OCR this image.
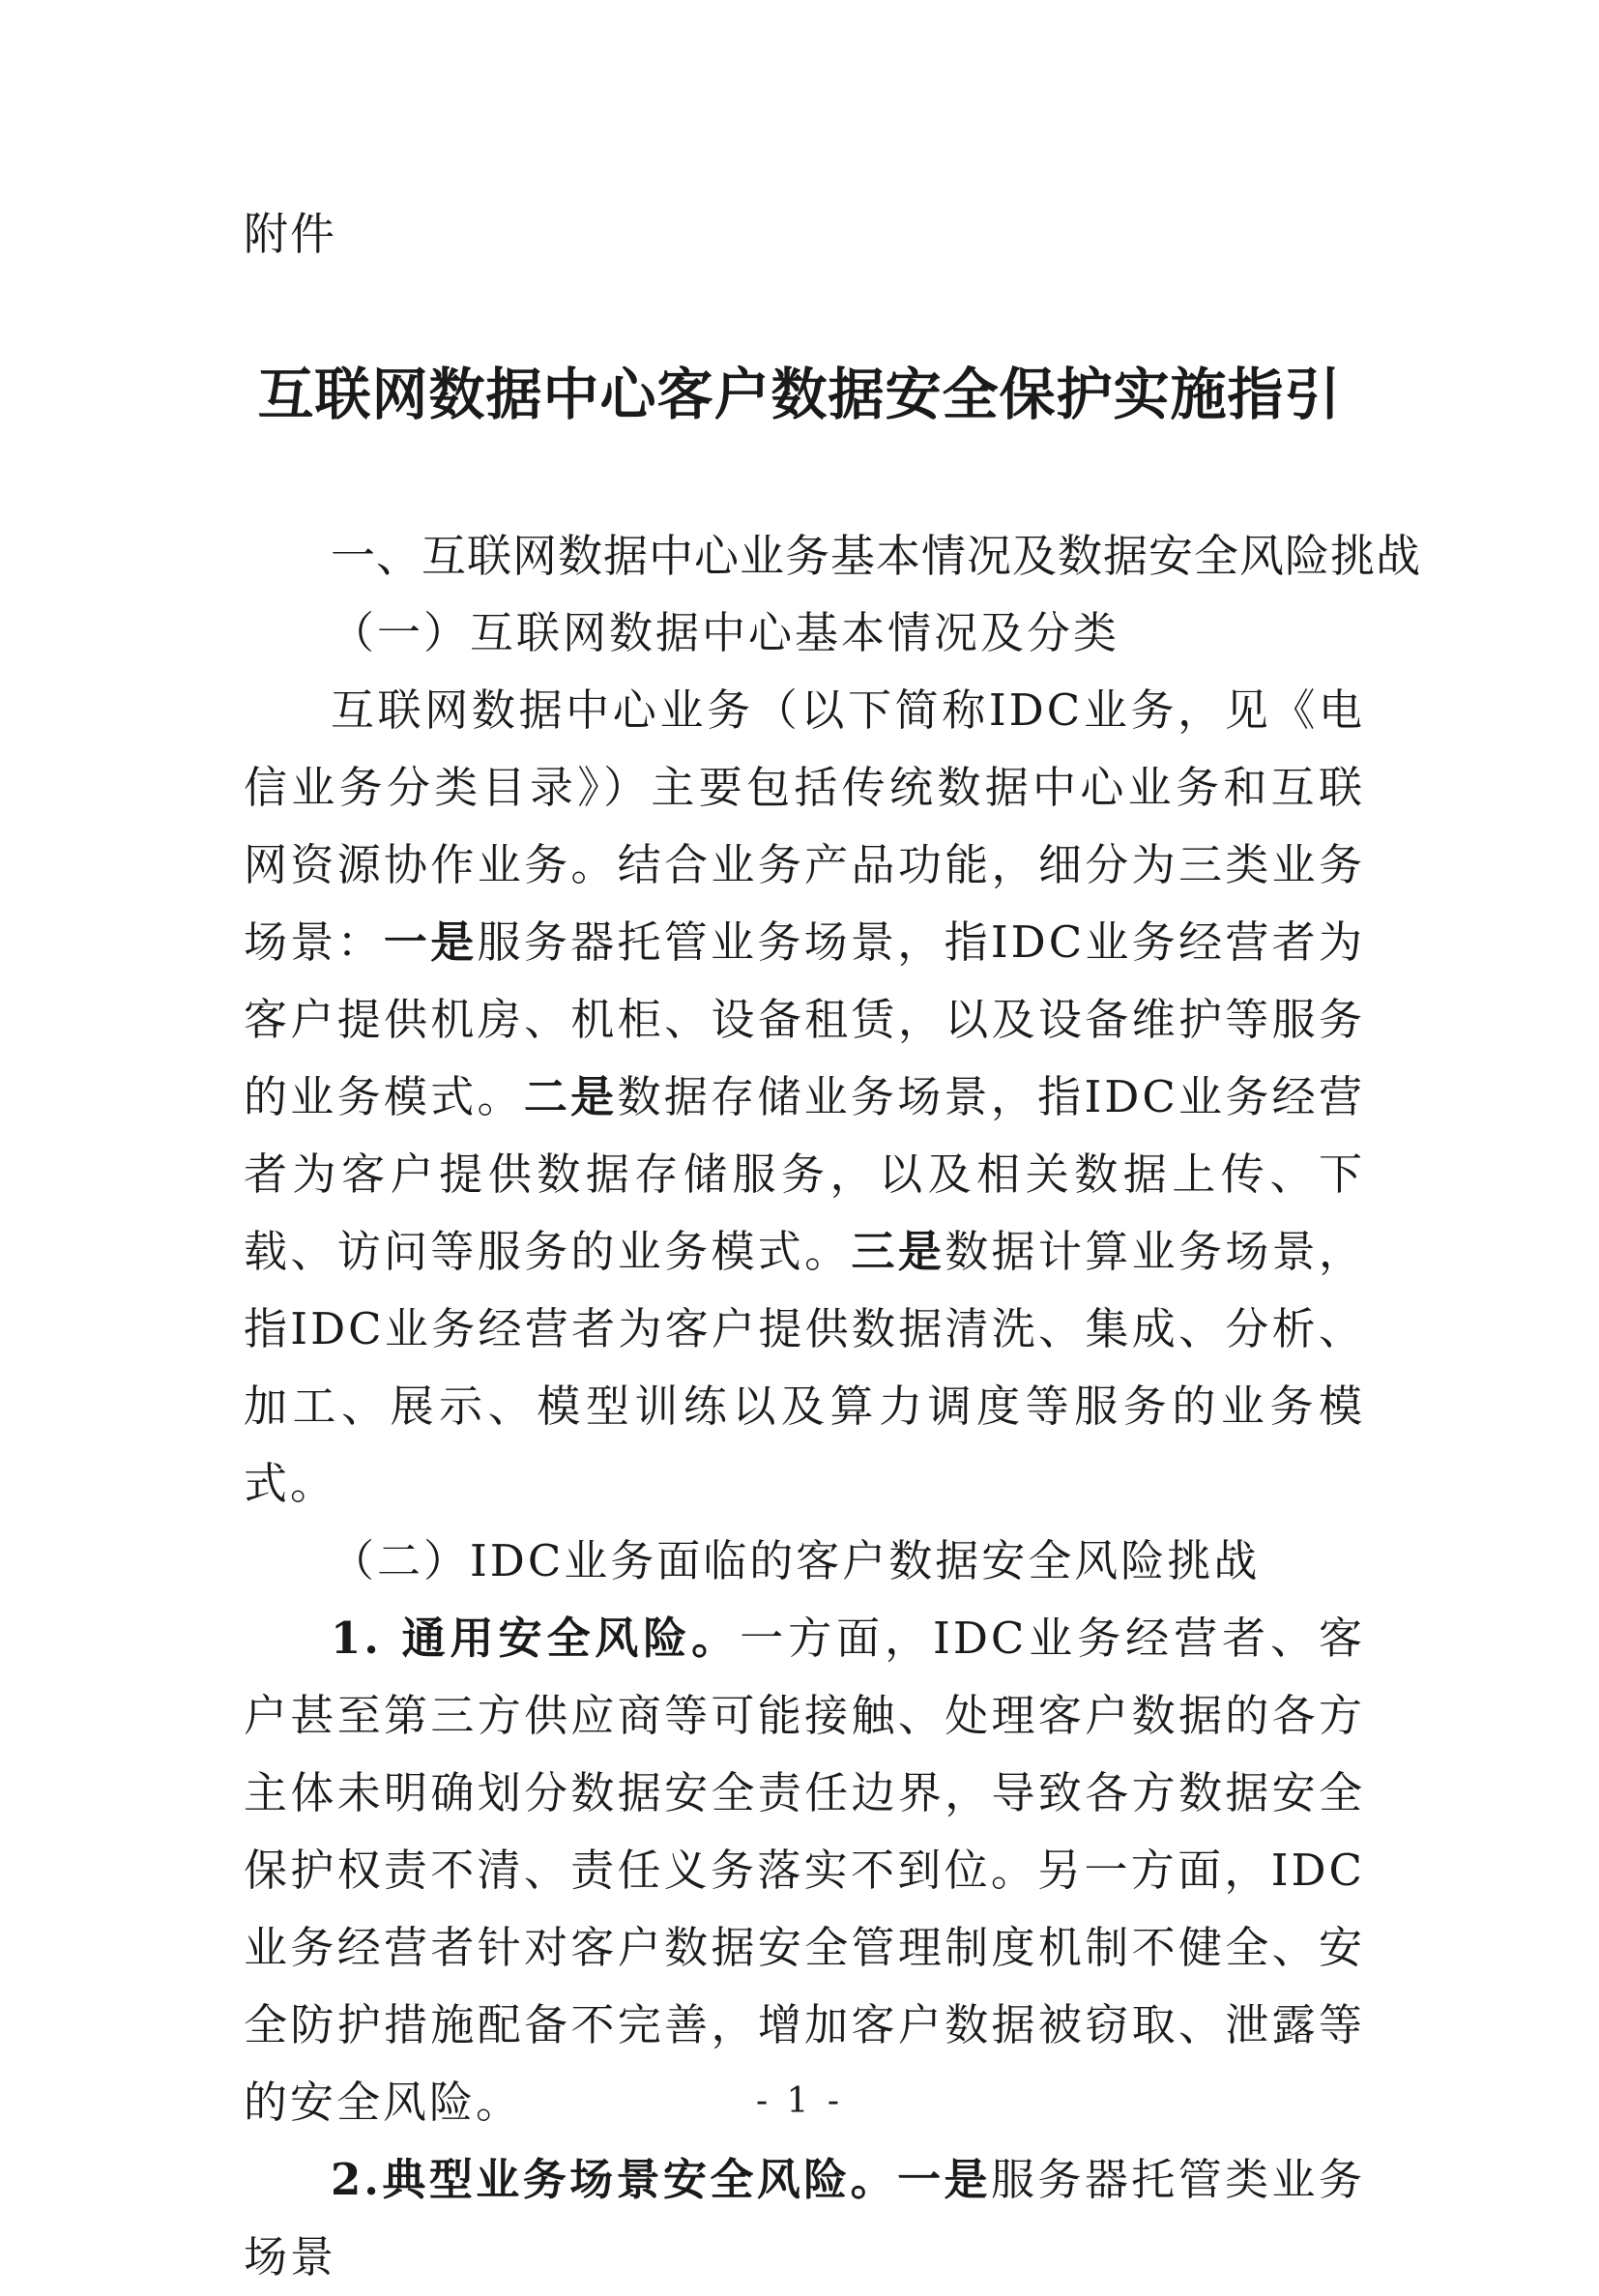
附件
互联网数据中心客户数据安全保护实施指引

一、互联网数据中心业务基本情况及数据安全风险挑战

（一）互联网数据中心基本情况及分类

互联网数据中心业务（以下简称IDC业务，见《电信业务分类目录》）主要包括传统数据中心业务和互联网资源协作业务。结合业务产品功能，细分为三类业务场景：一是服务器托管业务场景，指IDC业务经营者为客户提供机房、机柜、设备租赁，以及设备维护等服务的业务模式。二是数据存储业务场景，指IDC业务经营者为客户提供数据存储服务，以及相关数据上传、下载、访问等服务的业务模式。三是数据计算业务场景，指IDC业务经营者为客户提供数据清洗、集成、分析、加工、展示、模型训练以及算力调度等服务的业务模式。

（二）IDC业务面临的客户数据安全风险挑战

1. 通用安全风险。一方面，IDC业务经营者、客户甚至第三方供应商等可能接触、处理客户数据的各方主体未明确划分数据安全责任边界，导致各方数据安全保护权责不清、责任义务落实不到位。另一方面，IDC业务经营者针对客户数据安全管理制度机制不健全、安全防护措施配备不完善，增加客户数据被窃取、泄露等的安全风险。

2.典型业务场景安全风险。一是服务器托管类业务场景

- 1 -
